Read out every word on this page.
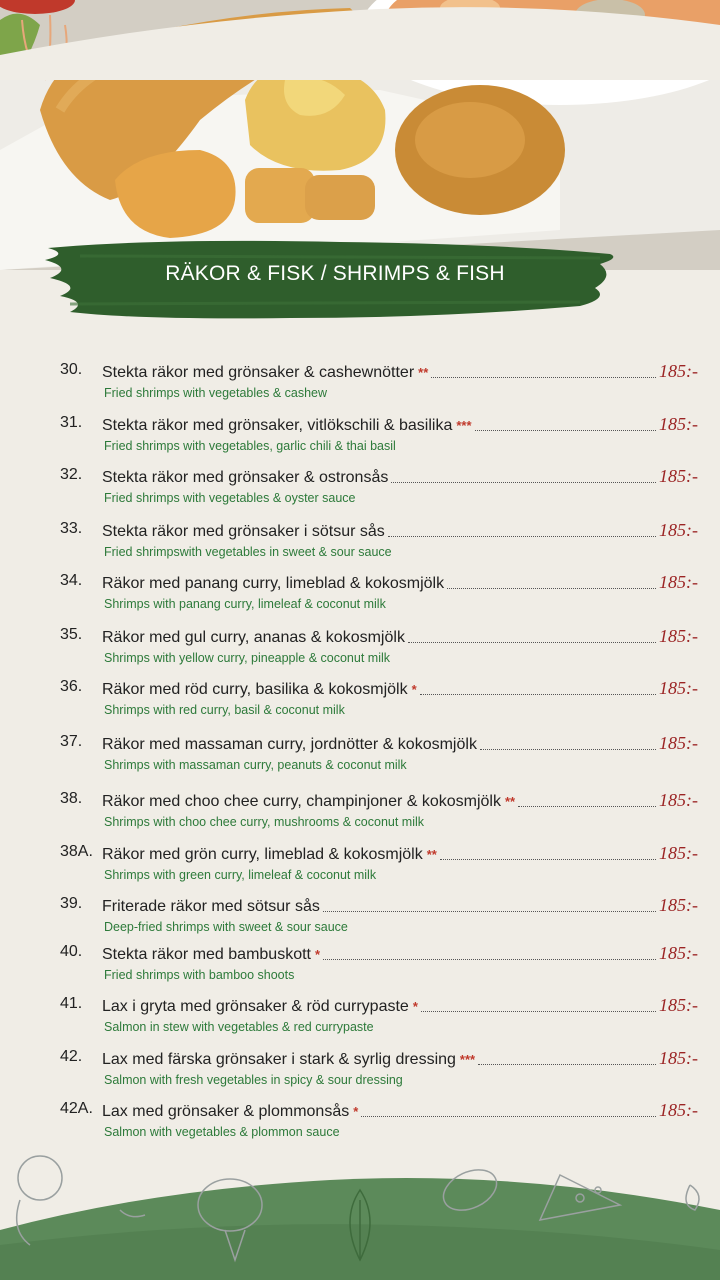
RÄKOR & FISK / SHRIMPS & FISH
30. Stekta räkor med grönsaker & cashewnötter **	185:-
Fried shrimps with vegetables & cashew
31. Stekta räkor med grönsaker, vitlökschili & basilika ***	185:-
Fried shrimps with vegetables, garlic chili & thai basil
32. Stekta räkor med grönsaker & ostronsås	185:-
Fried shrimps with vegetables & oyster sauce
33. Stekta räkor med grönsaker i sötsur sås	185:-
Fried shrimpswith vegetables in sweet & sour sauce
34. Räkor med panang curry, limeblad & kokosmjölk	185:-
Shrimps with panang curry, limeleaf & coconut milk
35. Räkor med gul curry, ananas & kokosmjölk	185:-
Shrimps with yellow curry, pineapple & coconut milk
36. Räkor med röd curry, basilika & kokosmjölk *	185:-
Shrimps with red curry, basil & coconut milk
37. Räkor med massaman curry, jordnötter & kokosmjölk	185:-
Shrimps with massaman curry, peanuts & coconut milk
38. Räkor med choo chee curry, champinjoner & kokosmjölk **	185:-
Shrimps with choo chee curry, mushrooms & coconut milk
38A. Räkor med grön curry, limeblad & kokosmjölk **	185:-
Shrimps with green curry, limeleaf & coconut milk
39. Friterade räkor med sötsur sås	185:-
Deep-fried shrimps with sweet & sour sauce
40. Stekta räkor med bambuskott *	185:-
Fried shrimps with bamboo shoots
41. Lax i gryta med grönsaker & röd currypaste *	185:-
Salmon in stew with vegetables & red currypaste
42. Lax med färska grönsaker i stark & syrlig dressing ***	185:-
Salmon with fresh vegetables in spicy & sour dressing
42A. Lax med grönsaker & plommonsås *	185:-
Salmon with vegetables & plommon sauce
